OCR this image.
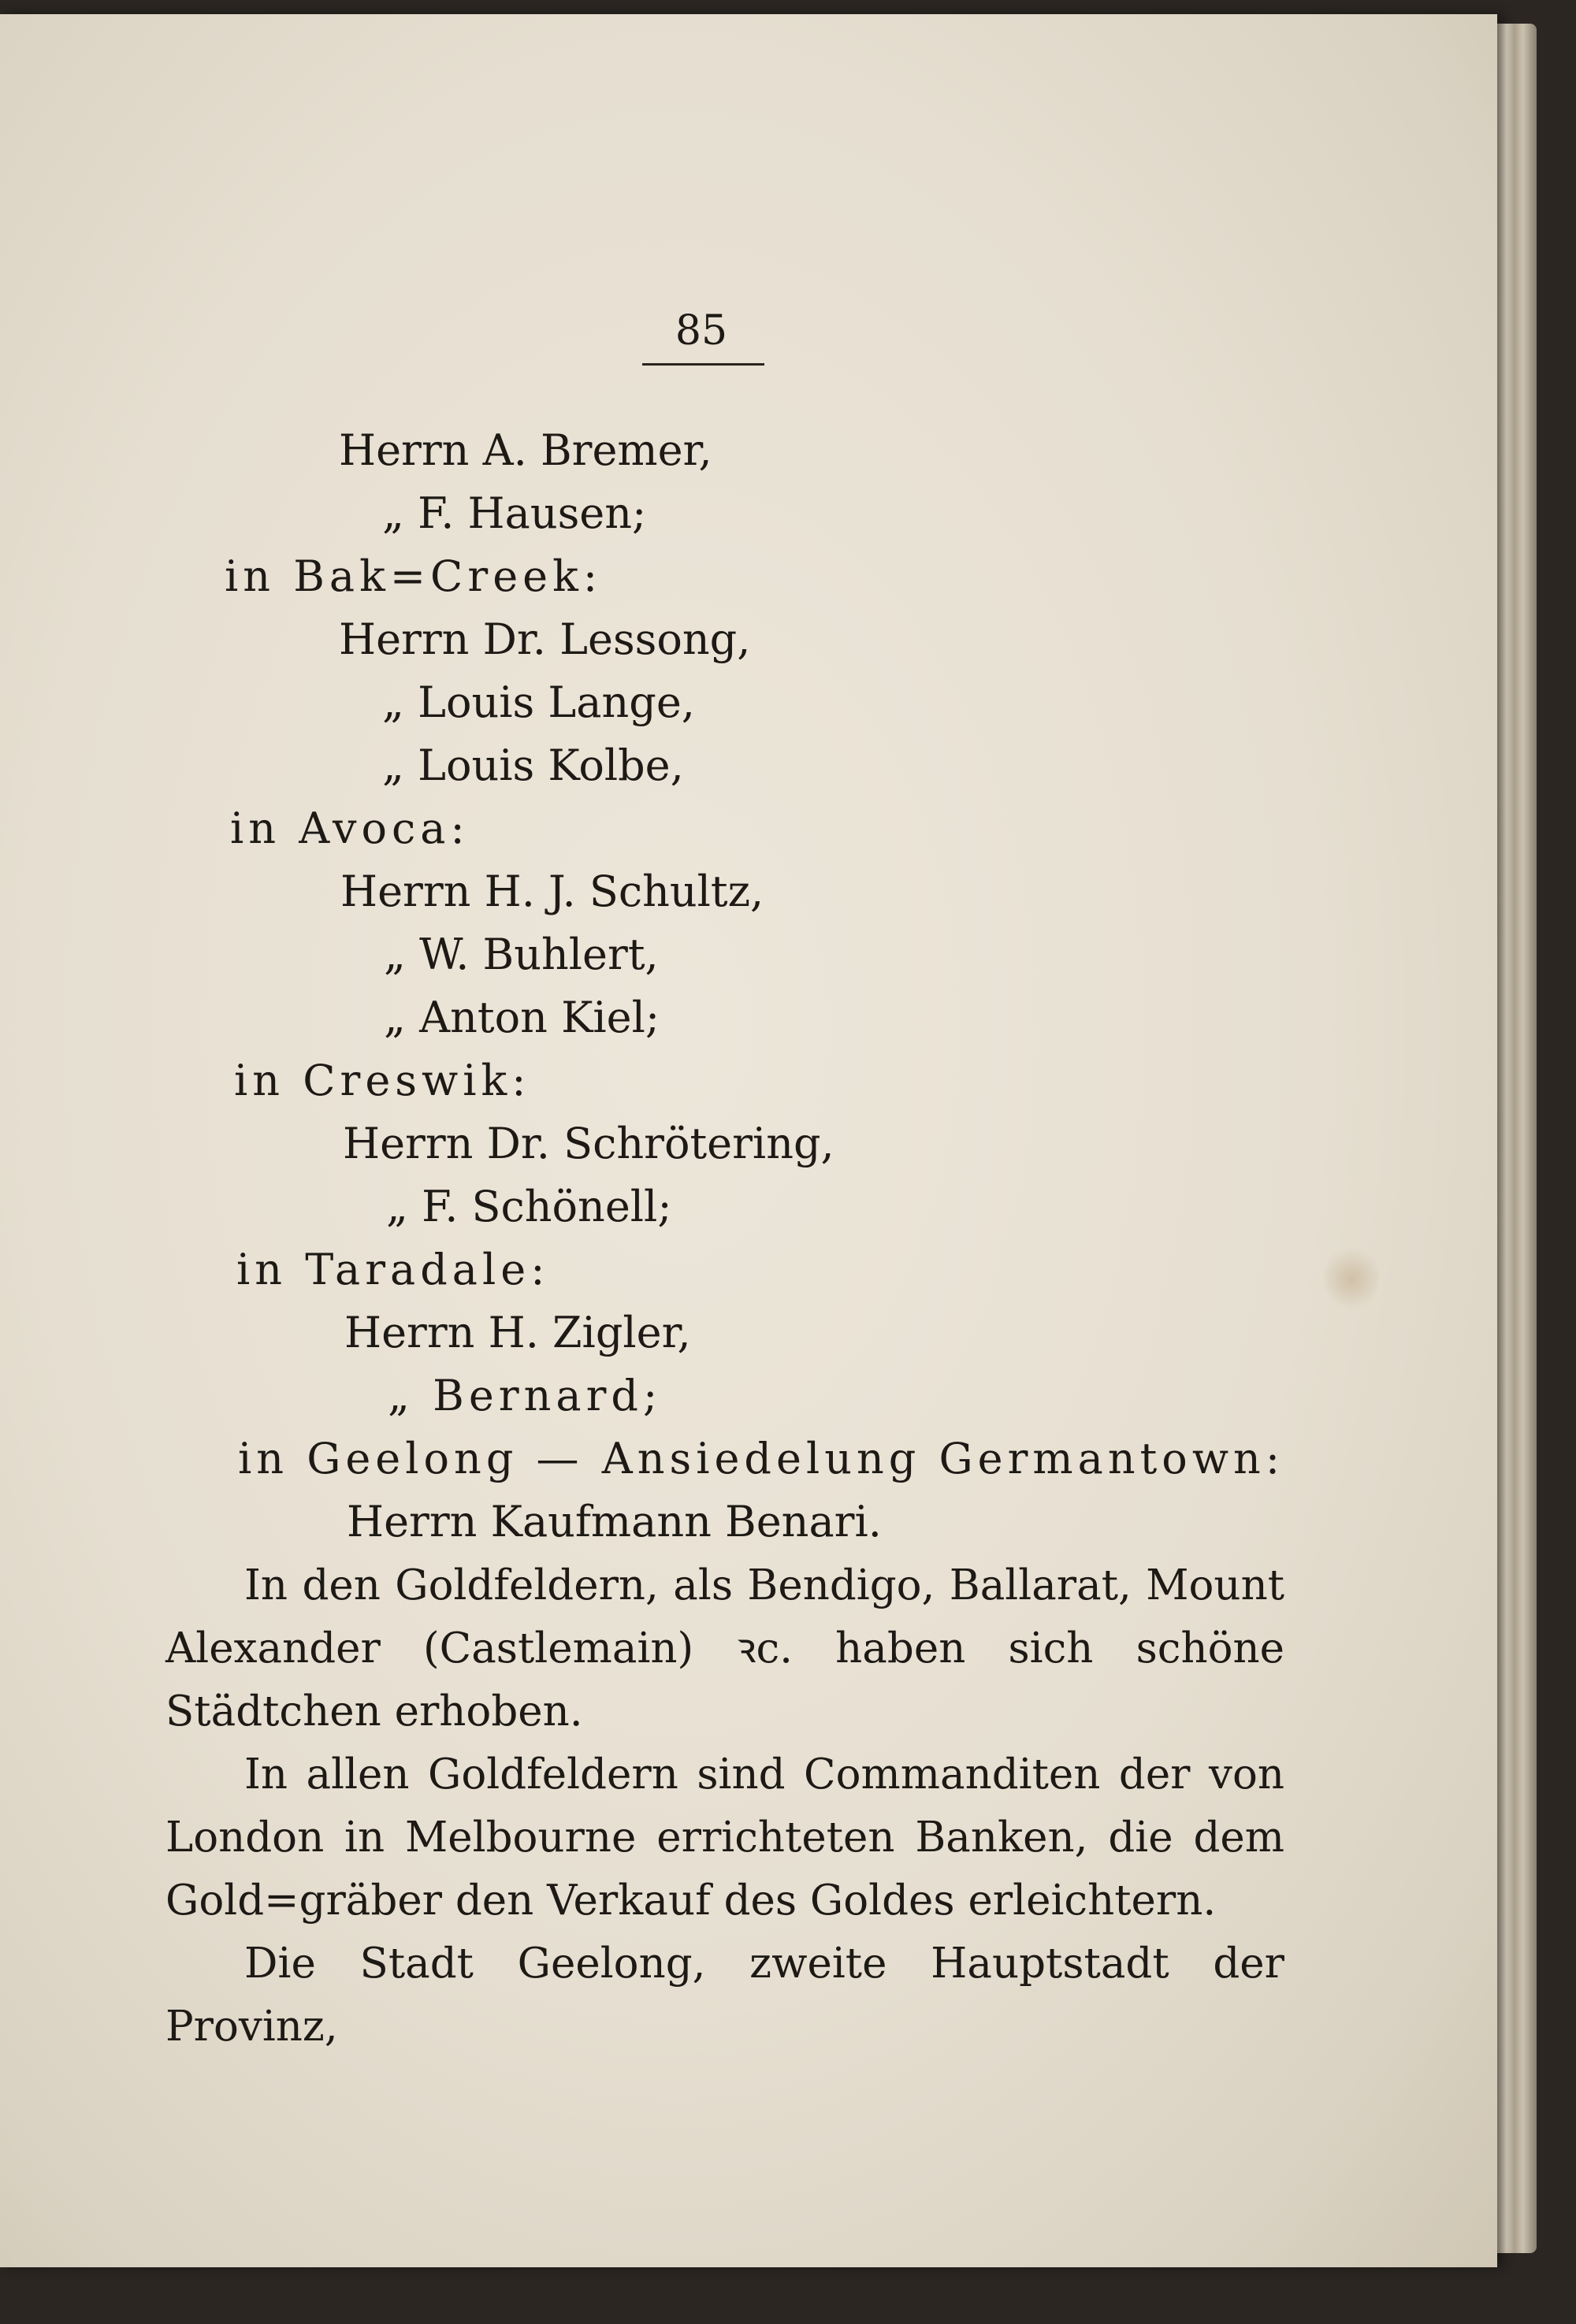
85
Herrn A. Bremer,
„ F. Hausen;
in Bak=Creek:
Herrn Dr. Lessong,
„ Louis Lange,
„ Louis Kolbe,
in Avoca:
Herrn H. J. Schultz,
„ W. Buhlert,
„ Anton Kiel;
in Creswik:
Herrn Dr. Schrötering,
„ F. Schönell;
in Taradale:
Herrn H. Zigler,
„ Bernard;
in Geelong — Ansiedelung Germantown:
Herrn Kaufmann Benari.
In den Goldfeldern, als Bendigo, Ballarat, Mount Alexander (Castlemain) ꝛc. haben sich schöne Städtchen erhoben.
In allen Goldfeldern sind Commanditen der von London in Melbourne errichteten Banken, die dem Gold=gräber den Verkauf des Goldes erleichtern.
Die Stadt Geelong, zweite Hauptstadt der Provinz,
